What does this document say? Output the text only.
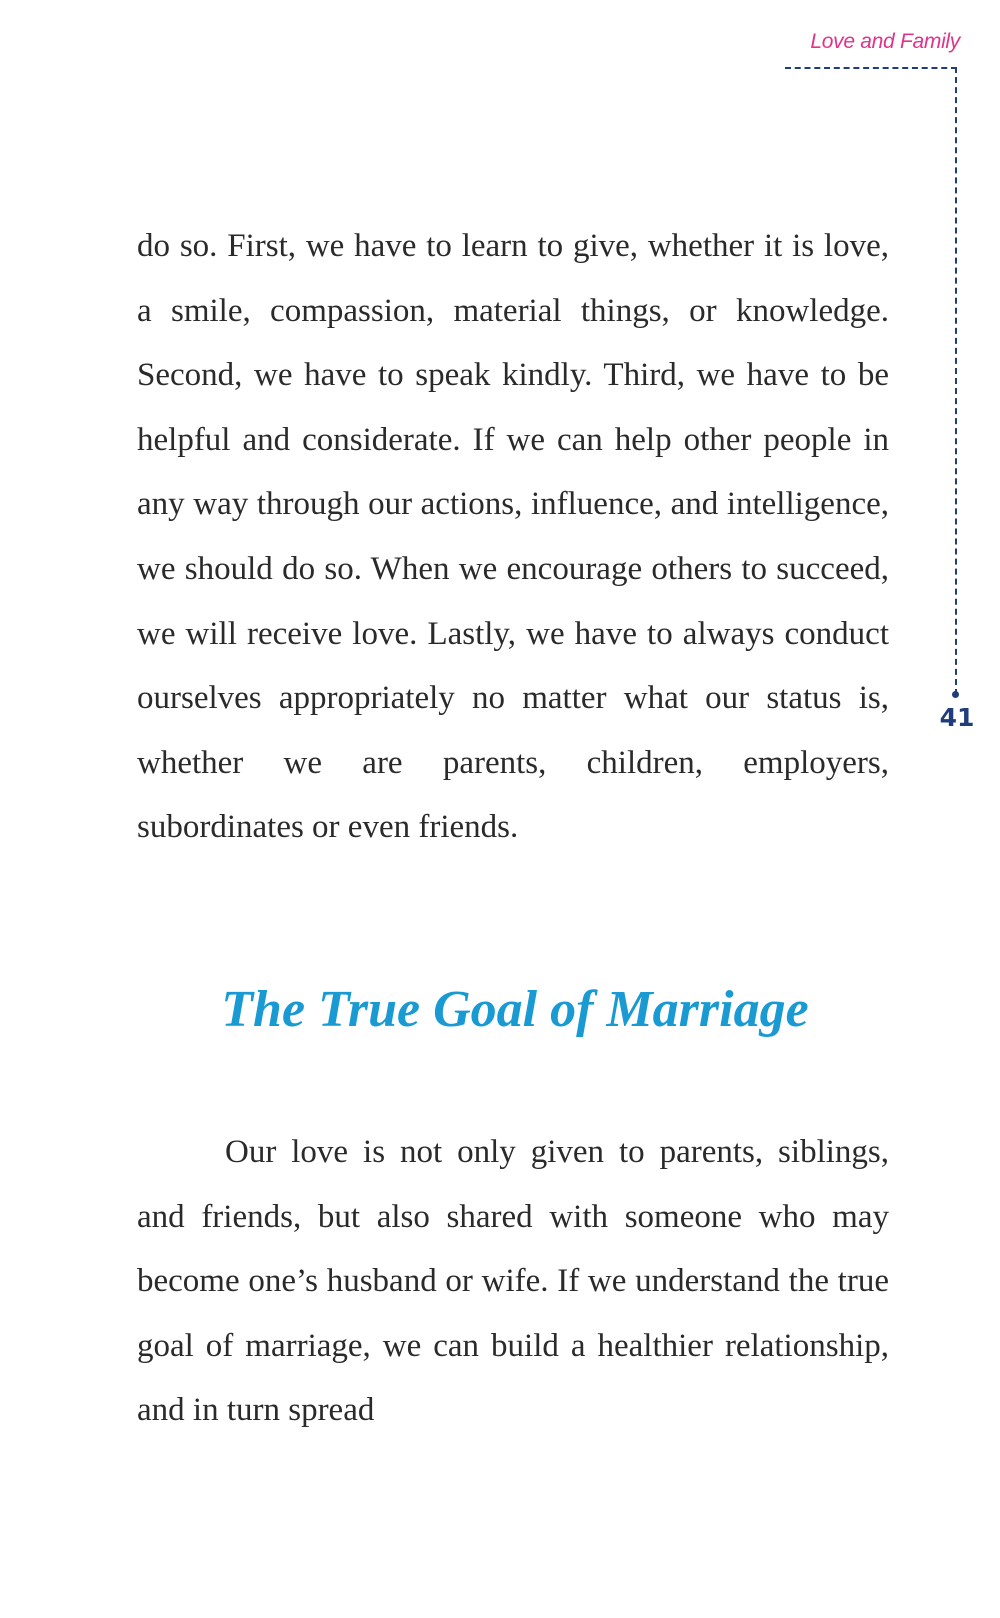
Love and Family
41

do so. First, we have to learn to give, whether it is love, a smile, compassion, material things, or knowledge. Second, we have to speak kindly. Third, we have to be helpful and considerate. If we can help other people in any way through our actions, influence, and intelligence, we should do so. When we encourage others to succeed, we will receive love. Lastly, we have to always conduct ourselves appropriately no matter what our status is, whether we are parents, children, employers, subordinates or even friends.

The True Goal of Marriage

Our love is not only given to parents, siblings, and friends, but also shared with someone who may become one’s husband or wife. If we understand the true goal of marriage, we can build a healthier relationship, and in turn spread
